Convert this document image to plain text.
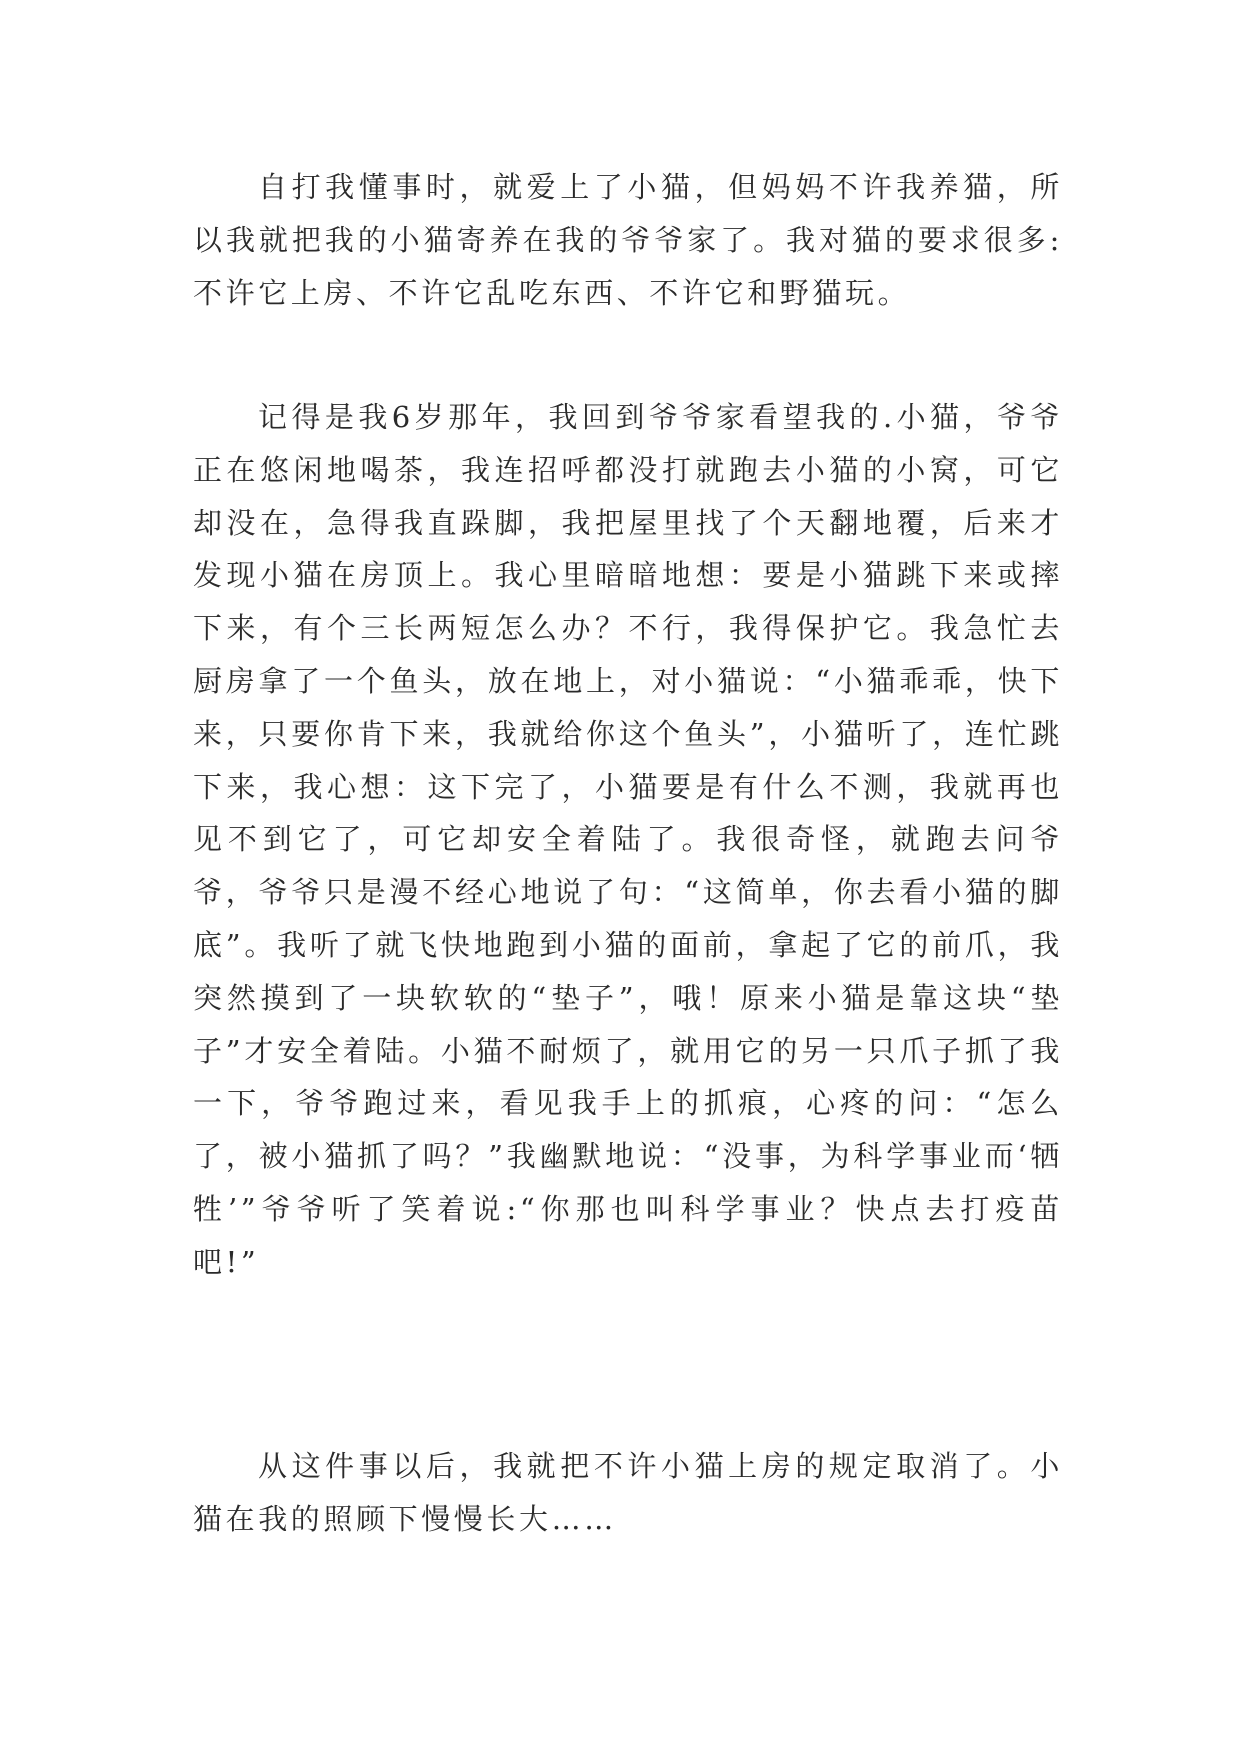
自打我懂事时，就爱上了小猫，但妈妈不许我养猫，所以我就把我的小猫寄养在我的爷爷家了。我对猫的要求很多:不许它上房、不许它乱吃东西、不许它和野猫玩。

记得是我6岁那年，我回到爷爷家看望我的.小猫，爷爷正在悠闲地喝茶，我连招呼都没打就跑去小猫的小窝，可它却没在，急得我直跺脚，我把屋里找了个天翻地覆，后来才发现小猫在房顶上。我心里暗暗地想：要是小猫跳下来或摔下来，有个三长两短怎么办？不行，我得保护它。我急忙去厨房拿了一个鱼头，放在地上，对小猫说：“小猫乖乖，快下来，只要你肯下来，我就给你这个鱼头”，小猫听了，连忙跳下来，我心想：这下完了，小猫要是有什么不测，我就再也见不到它了，可它却安全着陆了。我很奇怪，就跑去问爷爷，爷爷只是漫不经心地说了句：“这简单，你去看小猫的脚底”。我听了就飞快地跑到小猫的面前，拿起了它的前爪，我突然摸到了一块软软的“垫子”，哦！原来小猫是靠这块“垫子”才安全着陆。小猫不耐烦了，就用它的另一只爪子抓了我一下，爷爷跑过来，看见我手上的抓痕，心疼的问：“怎么了，被小猫抓了吗？”我幽默地说：“没事，为科学事业而‘牺牲’”爷爷听了笑着说:“你那也叫科学事业？快点去打疫苗吧!”

从这件事以后，我就把不许小猫上房的规定取消了。小猫在我的照顾下慢慢长大……
